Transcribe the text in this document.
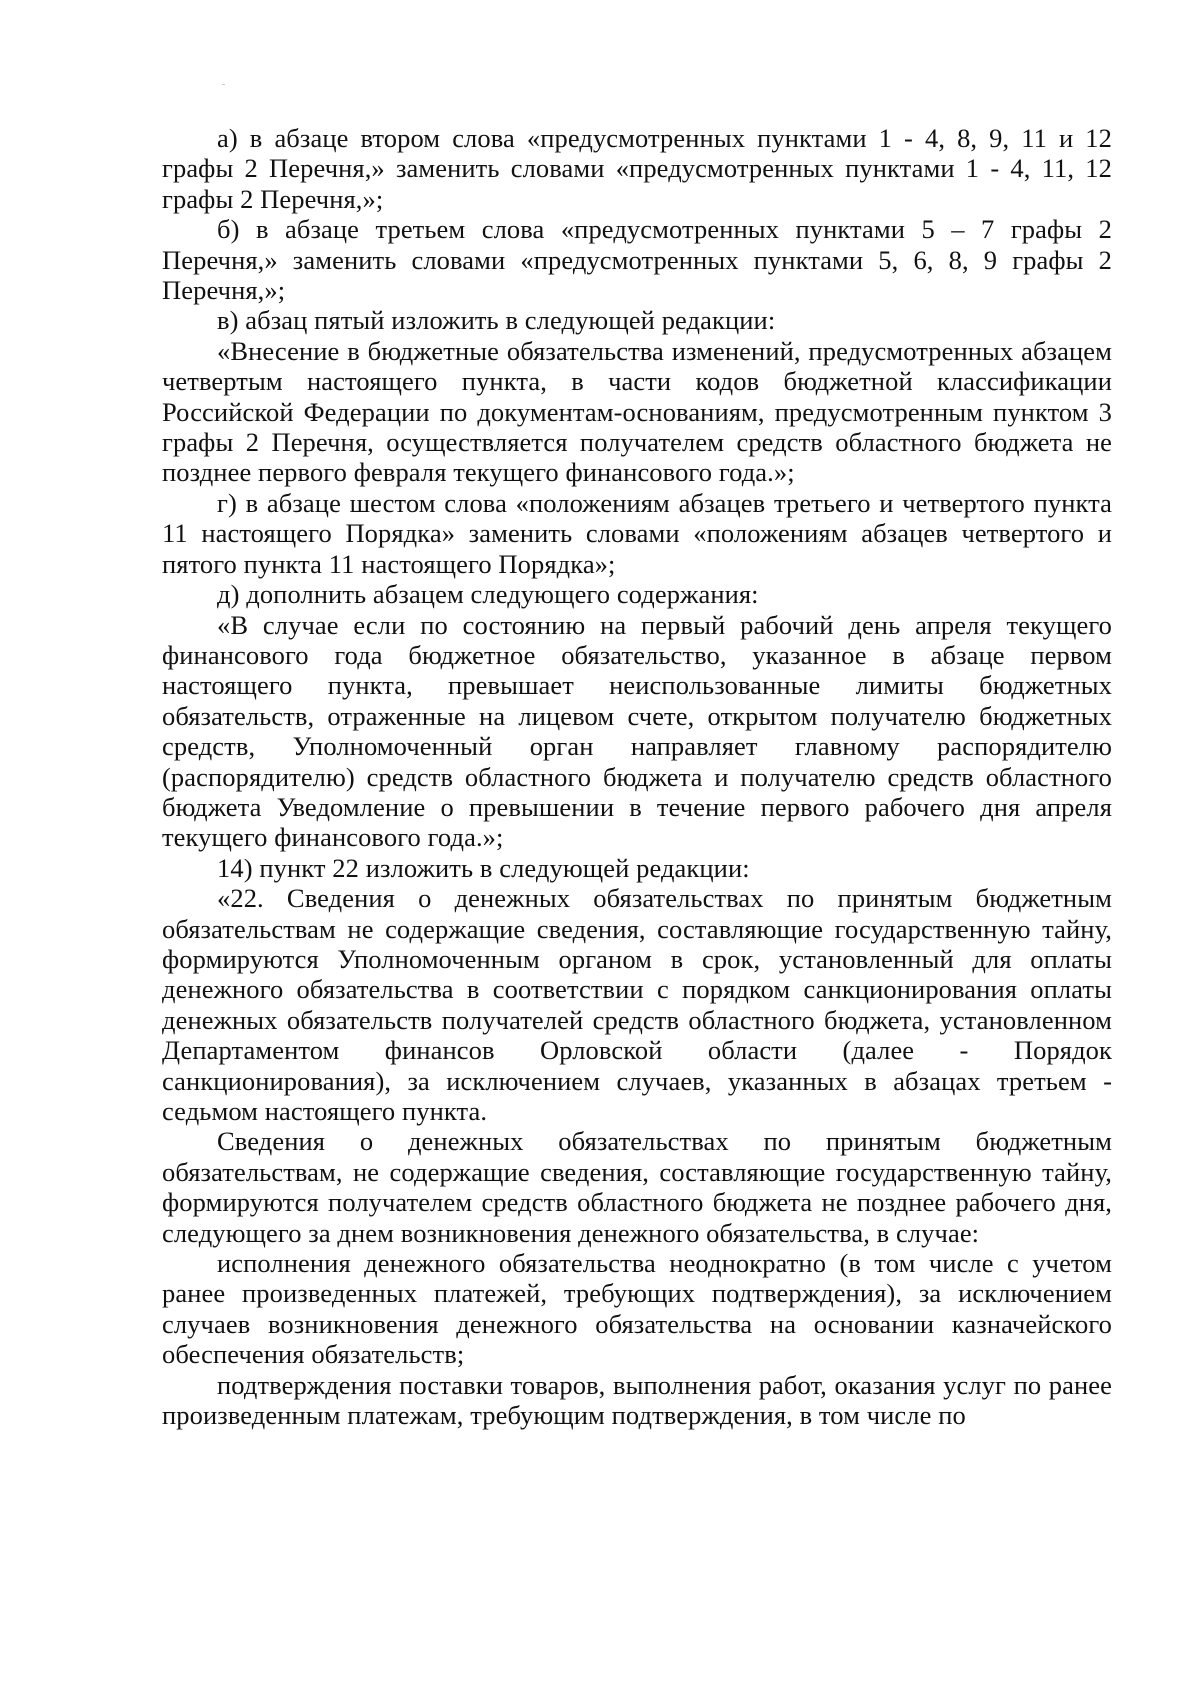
а) в абзаце втором слова «предусмотренных пунктами 1 - 4, 8, 9, 11 и 12 графы 2 Перечня,» заменить словами «предусмотренных пунктами 1 - 4, 11, 12 графы 2 Перечня,»;

б) в абзаце третьем слова «предусмотренных пунктами 5 – 7 графы 2 Перечня,» заменить словами «предусмотренных пунктами 5, 6, 8, 9 графы 2 Перечня,»;

в) абзац пятый изложить в следующей редакции:

«Внесение в бюджетные обязательства изменений, предусмотренных абзацем четвертым настоящего пункта, в части кодов бюджетной классификации Российской Федерации по документам-основаниям, предусмотренным пунктом 3 графы 2 Перечня, осуществляется получателем средств областного бюджета не позднее первого февраля текущего финансового года.»;

г) в абзаце шестом слова «положениям абзацев третьего и четвертого пункта 11 настоящего Порядка» заменить словами «положениям абзацев четвертого и пятого пункта 11 настоящего Порядка»;

д) дополнить абзацем следующего содержания:

«В случае если по состоянию на первый рабочий день апреля текущего финансового года бюджетное обязательство, указанное в абзаце первом настоящего пункта, превышает неиспользованные лимиты бюджетных обязательств, отраженные на лицевом счете, открытом получателю бюджетных средств, Уполномоченный орган направляет главному распорядителю (распорядителю) средств областного бюджета и получателю средств областного бюджета Уведомление о превышении в течение первого рабочего дня апреля текущего финансового года.»;

14) пункт 22 изложить в следующей редакции:

«22. Сведения о денежных обязательствах по принятым бюджетным обязательствам не содержащие сведения, составляющие государственную тайну, формируются Уполномоченным органом в срок, установленный для оплаты денежного обязательства в соответствии с порядком санкционирования оплаты денежных обязательств получателей средств областного бюджета, установленном Департаментом финансов Орловской области (далее - Порядок санкционирования), за исключением случаев, указанных в абзацах третьем - седьмом настоящего пункта.

Сведения о денежных обязательствах по принятым бюджетным обязательствам, не содержащие сведения, составляющие государственную тайну, формируются получателем средств областного бюджета не позднее рабочего дня, следующего за днем возникновения денежного обязательства, в случае:

исполнения денежного обязательства неоднократно (в том числе с учетом ранее произведенных платежей, требующих подтверждения), за исключением случаев возникновения денежного обязательства на основании казначейского обеспечения обязательств;

подтверждения поставки товаров, выполнения работ, оказания услуг по ранее произведенным платежам, требующим подтверждения, в том числе по
